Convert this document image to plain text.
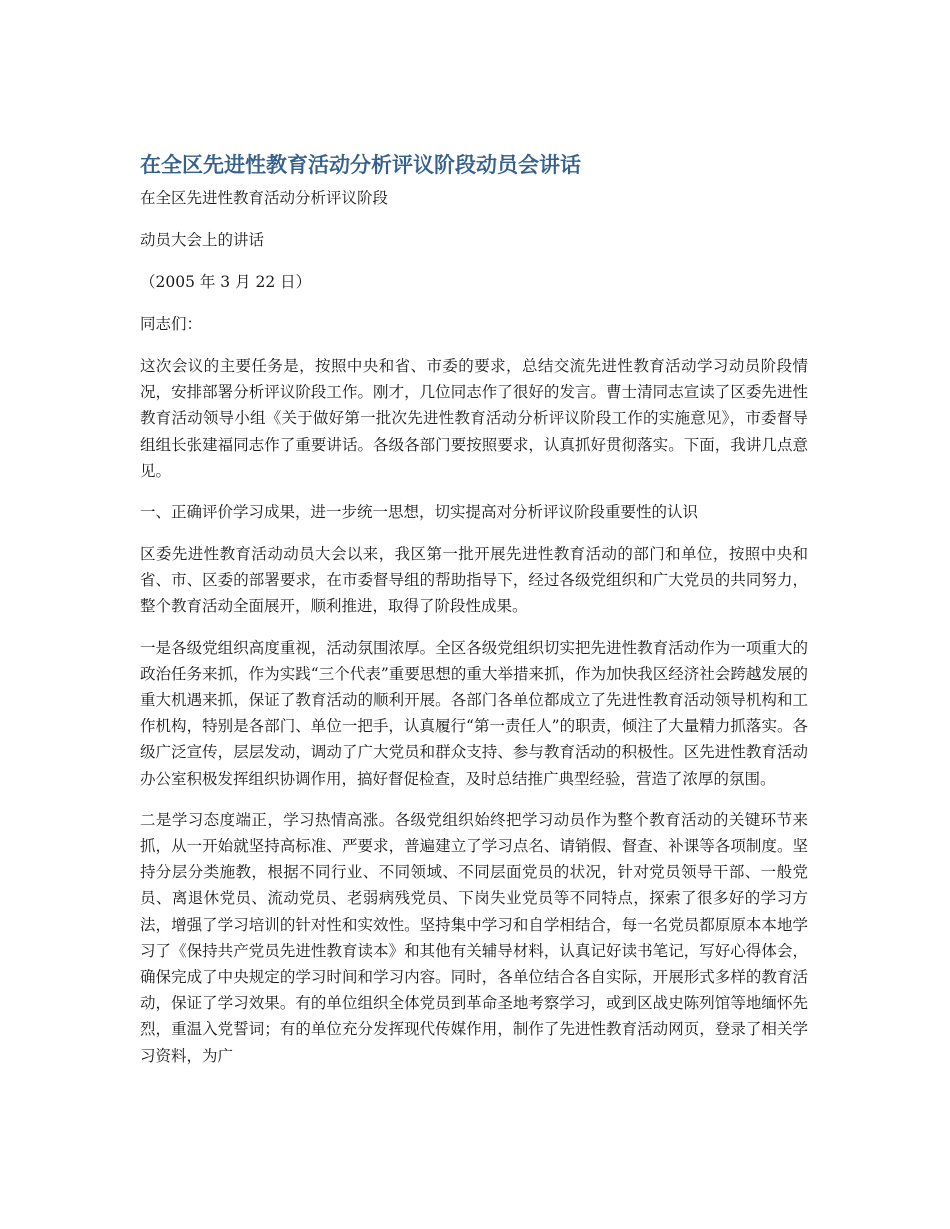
在全区先进性教育活动分析评议阶段动员会讲话

在全区先进性教育活动分析评议阶段

动员大会上的讲话

（2005 年 3 月 22 日）

同志们：

这次会议的主要任务是，按照中央和省、市委的要求，总结交流先进性教育活动学习动员阶段情况，安排部署分析评议阶段工作。刚才，几位同志作了很好的发言。曹士清同志宣读了区委先进性教育活动领导小组《关于做好第一批次先进性教育活动分析评议阶段工作的实施意见》，市委督导组组长张建福同志作了重要讲话。各级各部门要按照要求，认真抓好贯彻落实。下面，我讲几点意见。

一、正确评价学习成果，进一步统一思想，切实提高对分析评议阶段重要性的认识

区委先进性教育活动动员大会以来，我区第一批开展先进性教育活动的部门和单位，按照中央和省、市、区委的部署要求，在市委督导组的帮助指导下，经过各级党组织和广大党员的共同努力，整个教育活动全面展开，顺利推进，取得了阶段性成果。

一是各级党组织高度重视，活动氛围浓厚。全区各级党组织切实把先进性教育活动作为一项重大的政治任务来抓，作为实践“三个代表”重要思想的重大举措来抓，作为加快我区经济社会跨越发展的重大机遇来抓，保证了教育活动的顺利开展。各部门各单位都成立了先进性教育活动领导机构和工作机构，特别是各部门、单位一把手，认真履行“第一责任人”的职责，倾注了大量精力抓落实。各级广泛宣传，层层发动，调动了广大党员和群众支持、参与教育活动的积极性。区先进性教育活动办公室积极发挥组织协调作用，搞好督促检查，及时总结推广典型经验，营造了浓厚的氛围。

二是学习态度端正，学习热情高涨。各级党组织始终把学习动员作为整个教育活动的关键环节来抓，从一开始就坚持高标准、严要求，普遍建立了学习点名、请销假、督查、补课等各项制度。坚持分层分类施教，根据不同行业、不同领域、不同层面党员的状况，针对党员领导干部、一般党员、离退休党员、流动党员、老弱病残党员、下岗失业党员等不同特点，探索了很多好的学习方法，增强了学习培训的针对性和实效性。坚持集中学习和自学相结合，每一名党员都原原本本地学习了《保持共产党员先进性教育读本》和其他有关辅导材料，认真记好读书笔记，写好心得体会，确保完成了中央规定的学习时间和学习内容。同时，各单位结合各自实际，开展形式多样的教育活动，保证了学习效果。有的单位组织全体党员到革命圣地考察学习，或到区战史陈列馆等地缅怀先烈，重温入党誓词；有的单位充分发挥现代传媒作用，制作了先进性教育活动网页，登录了相关学习资料，为广
